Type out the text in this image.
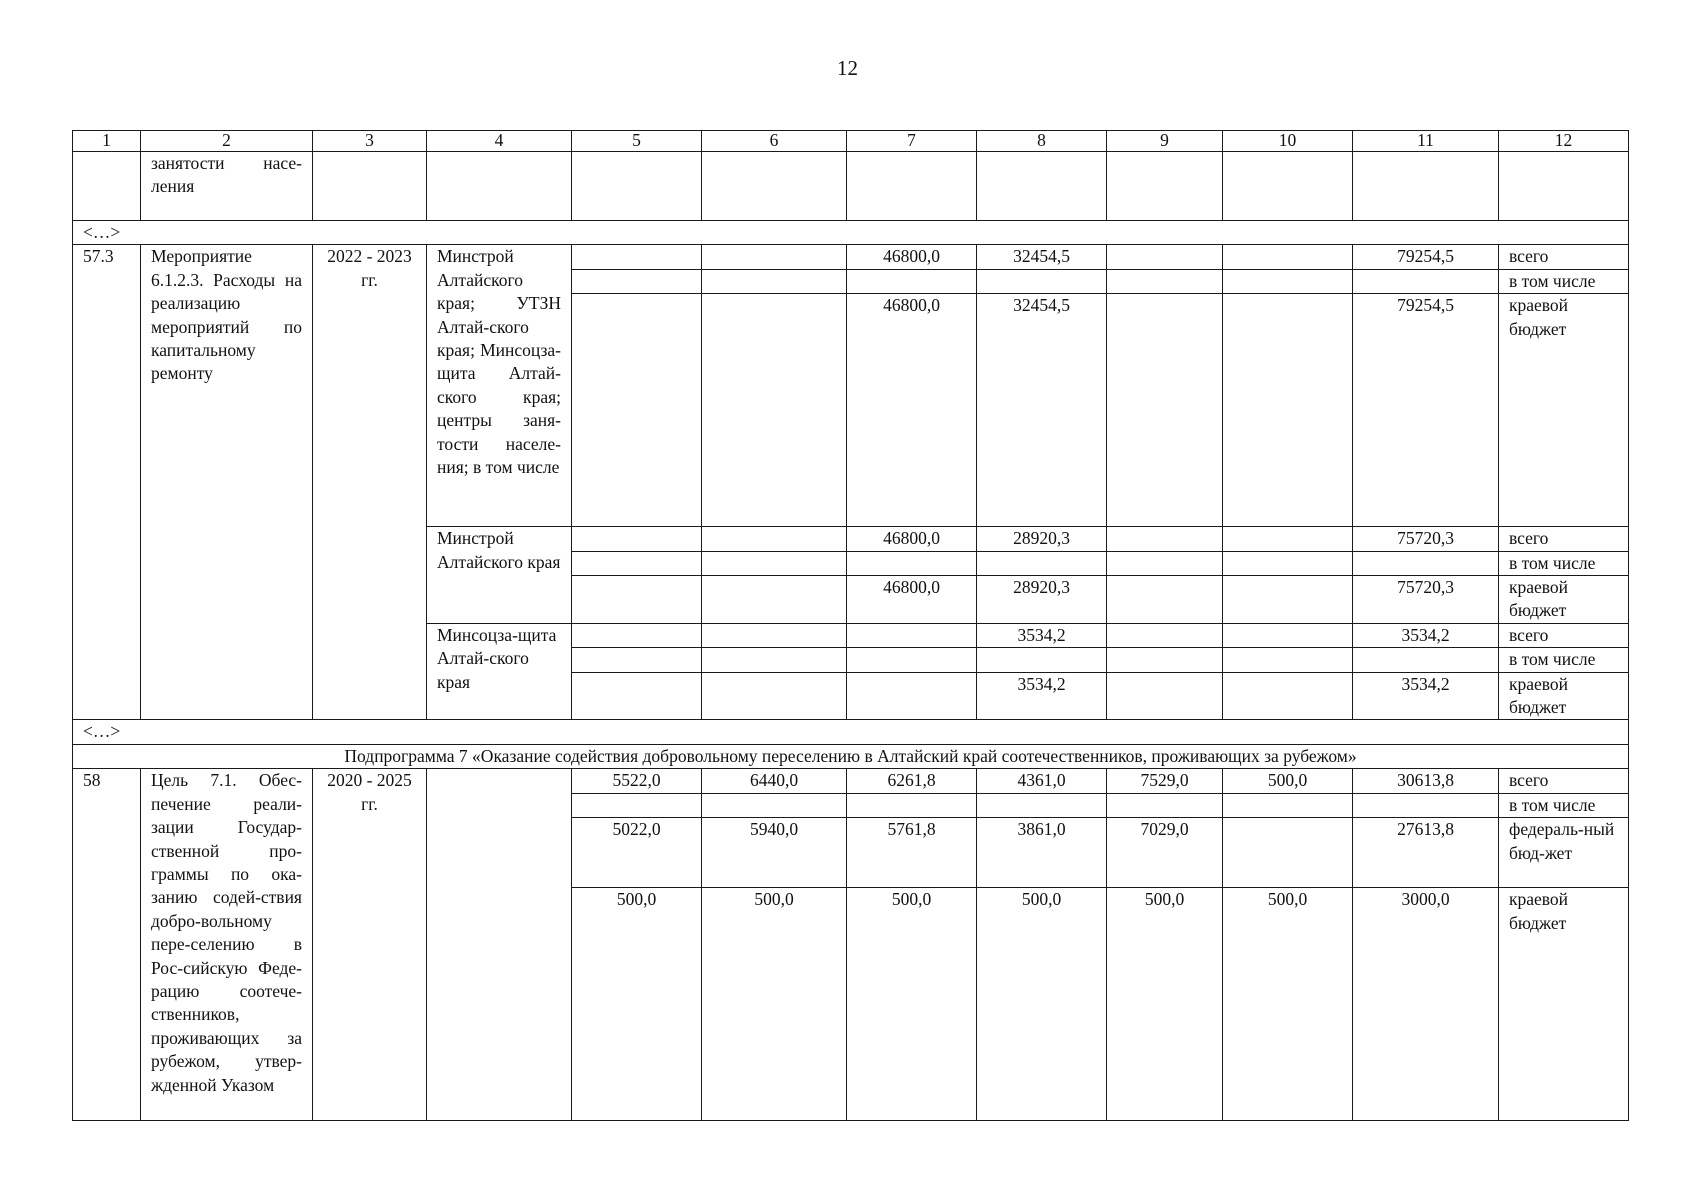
12
1	2	3	4	5	6	7	8	9	10	11	12
	занятости насе-ления										
<…>											
57.3	Мероприятие 6.1.2.3. Расходы на реализацию мероприятий по капитальному ремонту	2022 - 2023 гг.	Минстрой Алтайского края; УТЗН Алтай-ского края; Минсоцза-щита Алтай-ского края; центры заня-тости населе-ния; в том числе			46800,0	32454,5			79254,5	всего
											в том числе
						46800,0	32454,5			79254,5	краевой бюджет
			Минстрой Алтайского края			46800,0	28920,3			75720,3	всего
											в том числе
						46800,0	28920,3			75720,3	краевой бюджет
			Минсоцза-щита Алтай-ского края				3534,2			3534,2	всего
											в том числе
							3534,2			3534,2	краевой бюджет
<…>											
Подпрограмма 7 «Оказание содействия добровольному переселению в Алтайский край соотечественников, проживающих за рубежом»											
58	Цель 7.1. Обес-печение реали-зации Государ-ственной про-граммы по ока-занию содей-ствия добро-вольному пере-селению в Рос-сийскую Феде-рацию соотече-ственников, проживающих за рубежом, утвер-жденной Указом	2020 - 2025 гг.		5522,0	6440,0	6261,8	4361,0	7529,0	500,0	30613,8	всего
											в том числе
				5022,0	5940,0	5761,8	3861,0	7029,0		27613,8	федераль-ный бюд-жет
				500,0	500,0	500,0	500,0	500,0	500,0	3000,0	краевой бюджет
